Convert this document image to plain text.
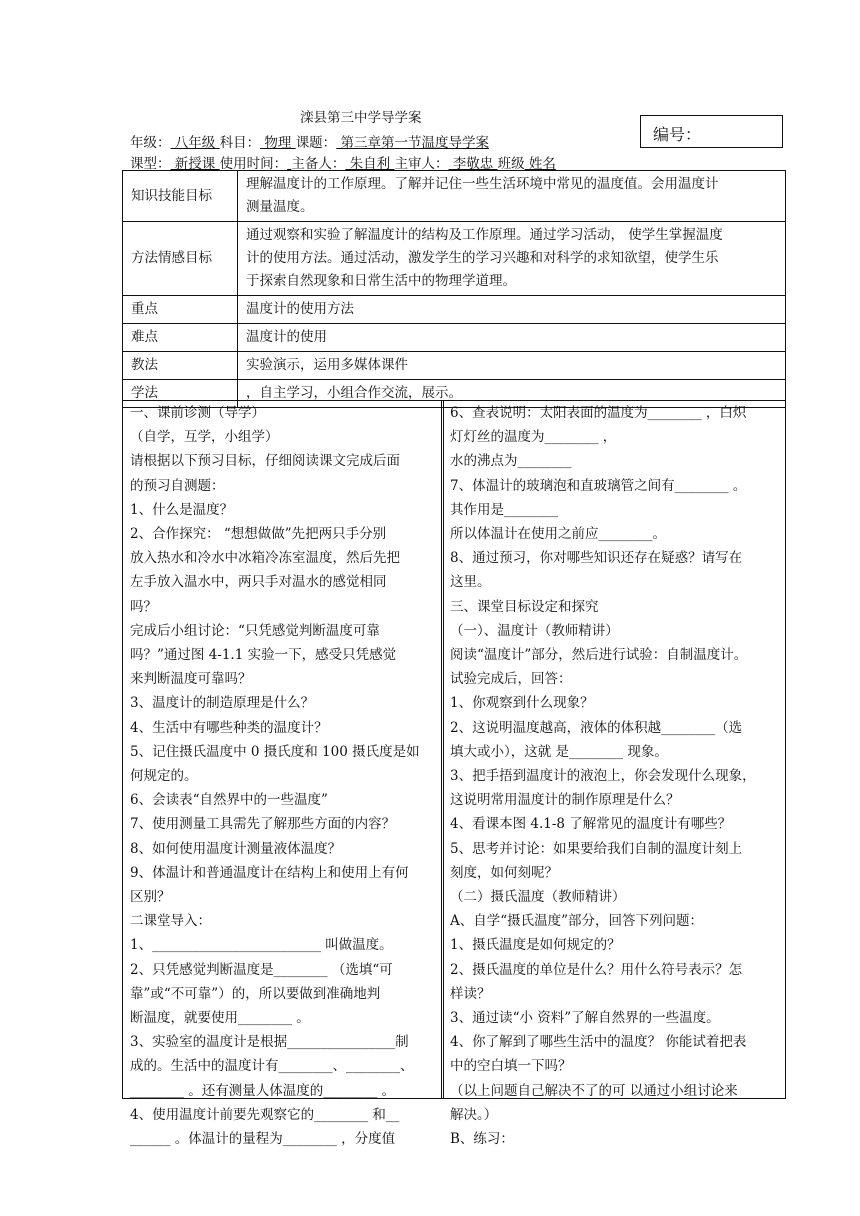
滦县第三中学导学案
编号：
年级： 八年级 科目： 物理 课题： 第三章第一节温度导学案
课型： 新授课 使用时间： 主备人： 朱自利 主审人： 李敬忠 班级 姓名
知识技能目标	理解温度计的工作原理。了解并记住一些生活环境中常见的温度值。会用温度计
测量温度。

方法情感目标	通过观察和实验了解温度计的结构及工作原理。通过学习活动， 使学生掌握温度
计的使用方法。通过活动，激发学生的学习兴趣和对科学的求知欲望，使学生乐
于探索自然现象和日常生活中的物理学道理。

重点	温度计的使用方法
难点	温度计的使用
教法	实验演示，运用多媒体课件
学法	，自主学习，小组合作交流，展示。
一、课前诊测（导学）
（自学，互学，小组学）
请根据以下预习目标，仔细阅读课文完成后面
的预习自测题：
1、什么是温度？
2、合作探究： “想想做做”先把两只手分别
放入热水和冷水中冰箱冷冻室温度，然后先把
左手放入温水中，两只手对温水的感觉相同
吗？
完成后小组讨论：“只凭感觉判断温度可靠
吗？”通过图 4-1.1 实验一下，感受只凭感觉
来判断温度可靠吗？
3、温度计的制造原理是什么？
4、生活中有哪些种类的温度计？
5、记住摄氏温度中 0 摄氏度和 100 摄氏度是如
何规定的。
6、会读表“自然界中的一些温度”
7、使用测量工具需先了解那些方面的内容？
8、如何使用温度计测量液体温度？
9、体温计和普通温度计在结构上和使用上有何
区别？
二课堂导入：
1、_________________________ 叫做温度。
2、只凭感觉判断温度是________ （选填“可
靠”或“不可靠”）的，所以要做到准确地判
断温度，就要使用________ 。
3、实验室的温度计是根据________________制
成的。生活中的温度计有________、________、
________ 。还有测量人体温度的________ 。
4、使用温度计前要先观察它的________ 和__
______ 。体温计的量程为________ ，分度值
6、查表说明：太阳表面的温度为________ ，白炽
灯灯丝的温度为________ ，
水的沸点为________
7、体温计的玻璃泡和直玻璃管之间有________ 。
其作用是________
所以体温计在使用之前应________。
8、通过预习，你对哪些知识还存在疑惑？请写在
这里。
三、课堂目标设定和探究
（一）、温度计（教师精讲）
阅读“温度计”部分，然后进行试验：自制温度计。
试验完成后，回答：
1、你观察到什么现象？
2、这说明温度越高，液体的体积越________（选
填大或小），这就 是________ 现象。
3、把手捂到温度计的液泡上，你会发现什么现象，
这说明常用温度计的制作原理是什么？
4、看课本图 4.1-8 了解常见的温度计有哪些？
5、思考并讨论：如果要给我们自制的温度计刻上
刻度，如何刻呢？
（二）摄氏温度（教师精讲）
A、自学“摄氏温度”部分，回答下列问题：
1、摄氏温度是如何规定的？
2、摄氏温度的单位是什么？用什么符号表示？怎
样读？
3、通过读“小 资料”了解自然界的一些温度。
4、你了解到了哪些生活中的温度？ 你能试着把表
中的空白填一下吗？
（以上问题自己解决不了的可 以通过小组讨论来
解决。）
B、练习：
